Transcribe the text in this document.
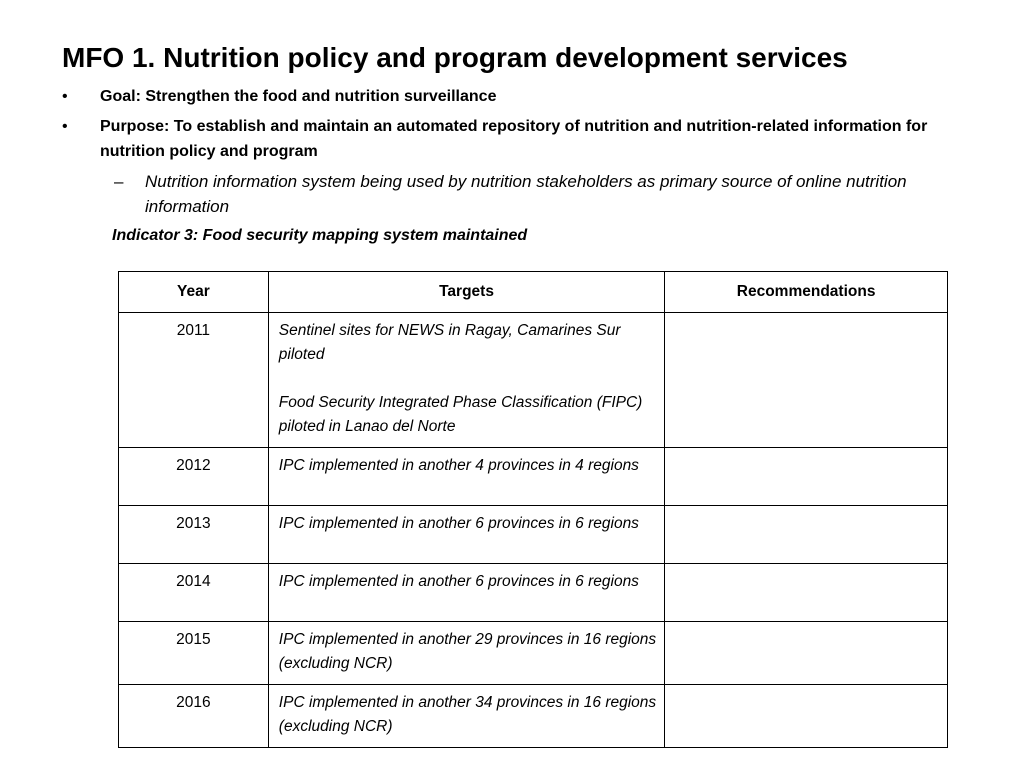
MFO 1. Nutrition policy and program development services
• Goal: Strengthen the food and nutrition surveillance
• Purpose: To establish and maintain an automated repository of nutrition and nutrition-related information for nutrition policy and program
– Nutrition information system being used by nutrition stakeholders as primary source of online nutrition information
Indicator 3: Food security mapping system maintained
Year	Targets	Recommendations
2011	Sentinel sites for NEWS in Ragay, Camarines Sur piloted
Food Security Integrated Phase Classification (FIPC) piloted in Lanao del Norte	
2012	IPC implemented in another 4 provinces in 4 regions	
2013	IPC implemented in another 6 provinces in 6 regions	
2014	IPC implemented in another 6 provinces in 6 regions	
2015	IPC implemented in another 29 provinces in 16 regions (excluding NCR)	
2016	IPC implemented in another 34 provinces in 16 regions (excluding NCR)	
